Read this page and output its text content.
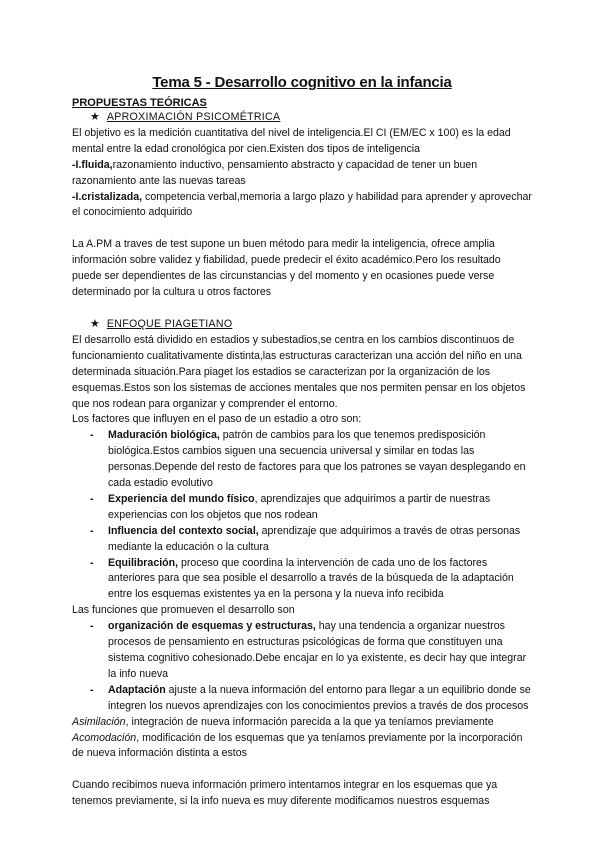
Tema 5 - Desarrollo cognitivo en la infancia

PROPUESTAS TEÓRICAS

★ APROXIMACIÓN PSICOMÉTRICA

El objetivo es la medición cuantitativa del nivel de inteligencia.El CI (EM/EC x 100) es la edad mental entre la edad cronológica por cien.Existen dos tipos de inteligencia

-I.fluida,razonamiento inductivo, pensamiento abstracto y capacidad de tener un buen razonamiento ante las nuevas tareas

-I.cristalizada, competencia verbal,memoria a largo plazo y habilidad para aprender y aprovechar el conocimiento adquirido

La A.PM a traves de test supone un buen método para medir la inteligencia, ofrece amplia información sobre validez y fiabilidad, puede predecir el éxito académico.Pero los resultado puede ser dependientes de las circunstancias y del momento y en ocasiones puede verse determinado por la cultura u otros factores

★ ENFOQUE PIAGETIANO

El desarrollo está dividido en estadios y subestadios,se centra en los cambios discontinuos de funcionamiento cualitativamente distinta,las estructuras caracterizan una acción del niño en una determinada situación.Para piaget los estadios se caracterizan por la organización de los esquemas.Estos son los sistemas de acciones mentales que nos permiten pensar en los objetos que nos rodean para organizar y comprender el entorno.

Los factores que influyen en el paso de un estadio a otro son:

- Maduración biológica, patrón de cambios para los que tenemos predisposición biológica.Estos cambios siguen una secuencia universal y similar en todas las personas.Depende del resto de factores para que los patrones se vayan desplegando en cada estadio evolutivo
- Experiencia del mundo físico, aprendizajes que adquirimos a partir de nuestras experiencias con los objetos que nos rodean
- Influencia del contexto social, aprendizaje que adquirimos a través de otras personas mediante la educación o la cultura
- Equilibración, proceso que coordina la intervención de cada uno de los factores anteriores para que sea posible el desarrollo a través de la búsqueda de la adaptación entre los esquemas existentes ya en la persona y la nueva info recibida

Las funciones que promueven el desarrollo son

- organización de esquemas y estructuras, hay una tendencia a organizar nuestros procesos de pensamiento en estructuras psicológicas de forma que constituyen una sistema cognitivo cohesionado.Debe encajar en lo ya existente, es decir hay que integrar la info nueva
- Adaptación ajuste a la nueva información del entorno para llegar a un equilibrio donde se integren los nuevos aprendizajes con los conocimientos previos a través de dos procesos

Asimilación, integración de nueva información parecida a la que ya teníamos previamente

Acomodación, modificación de los esquemas que ya teníamos previamente por la incorporación de nueva información distinta a estos

Cuando recibimos nueva información primero intentamos integrar en los esquemas que ya tenemos previamente, si la info nueva es muy diferente modificamos nuestros esquemas
